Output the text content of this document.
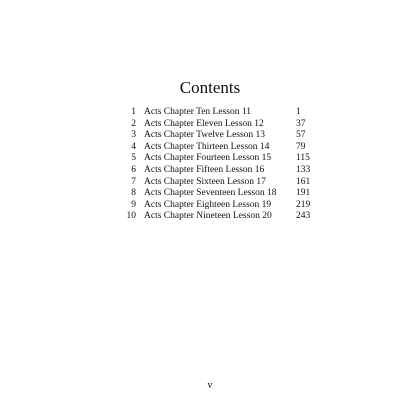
Contents
1	Acts Chapter Ten Lesson 11	1
2	Acts Chapter Eleven Lesson 12	37
3	Acts Chapter Twelve Lesson 13	57
4	Acts Chapter Thirteen Lesson 14	79
5	Acts Chapter Fourteen Lesson 15	115
6	Acts Chapter Fifteen Lesson 16	133
7	Acts Chapter Sixteen Lesson 17	161
8	Acts Chapter Seventeen Lesson 18	191
9	Acts Chapter Eighteen Lesson 19	219
10	Acts Chapter Nineteen Lesson 20	243
v
